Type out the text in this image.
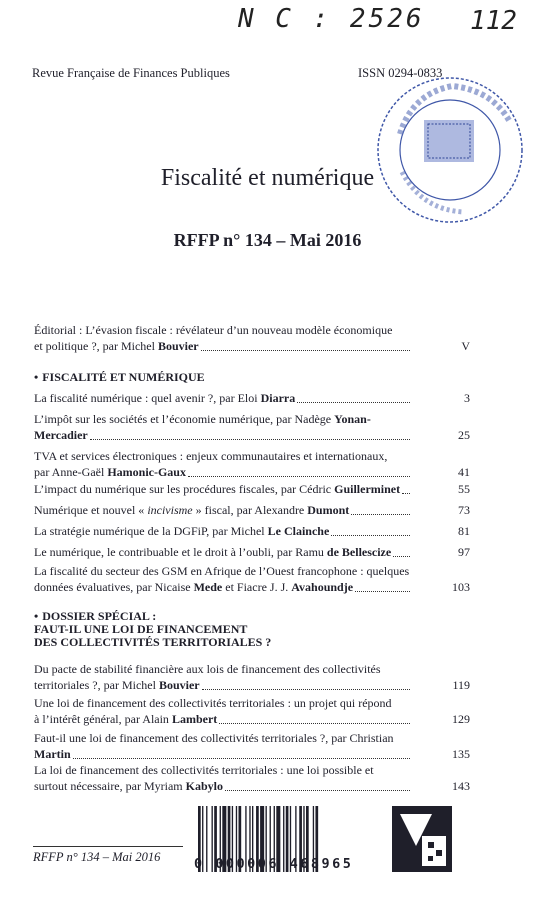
N C : 2526 112
Revue Française de Finances Publiques	ISSN 0294-0833
Fiscalité et numérique
RFFP n° 134 – Mai 2016
Éditorial : L’évasion fiscale : révélateur d’un nouveau modèle économique
et politique ?, par Michel Bouvier	V
• FISCALITÉ ET NUMÉRIQUE
La fiscalité numérique : quel avenir ?, par Eloi Diarra	3
L’impôt sur les sociétés et l’économie numérique, par Nadège Yonan-
Mercadier	25
TVA et services électroniques : enjeux communautaires et internationaux,
par Anne-Gaël Hamonic-Gaux	41
L’impact du numérique sur les procédures fiscales, par Cédric Guillerminet	55
Numérique et nouvel « incivisme » fiscal, par Alexandre Dumont	73
La stratégie numérique de la DGFiP, par Michel Le Clainche	81
Le numérique, le contribuable et le droit à l’oubli, par Ramu de Bellescize	97
La fiscalité du secteur des GSM en Afrique de l’Ouest francophone : quelques
données évaluatives, par Nicaise Mede et Fiacre J. J. Avahoundje	103
• DOSSIER SPÉCIAL :
FAUT-IL UNE LOI DE FINANCEMENT
DES COLLECTIVITÉS TERRITORIALES ?
Du pacte de stabilité financière aux lois de financement des collectivités
territoriales ?, par Michel Bouvier	119
Une loi de financement des collectivités territoriales : un projet qui répond
à l’intérêt général, par Alain Lambert	129
Faut-il une loi de financement des collectivités territoriales ?, par Christian
Martin	135
La loi de financement des collectivités territoriales : une loi possible et
surtout nécessaire, par Myriam Kabylo	143
RFFP n° 134 – Mai 2016 0 000006 468965
